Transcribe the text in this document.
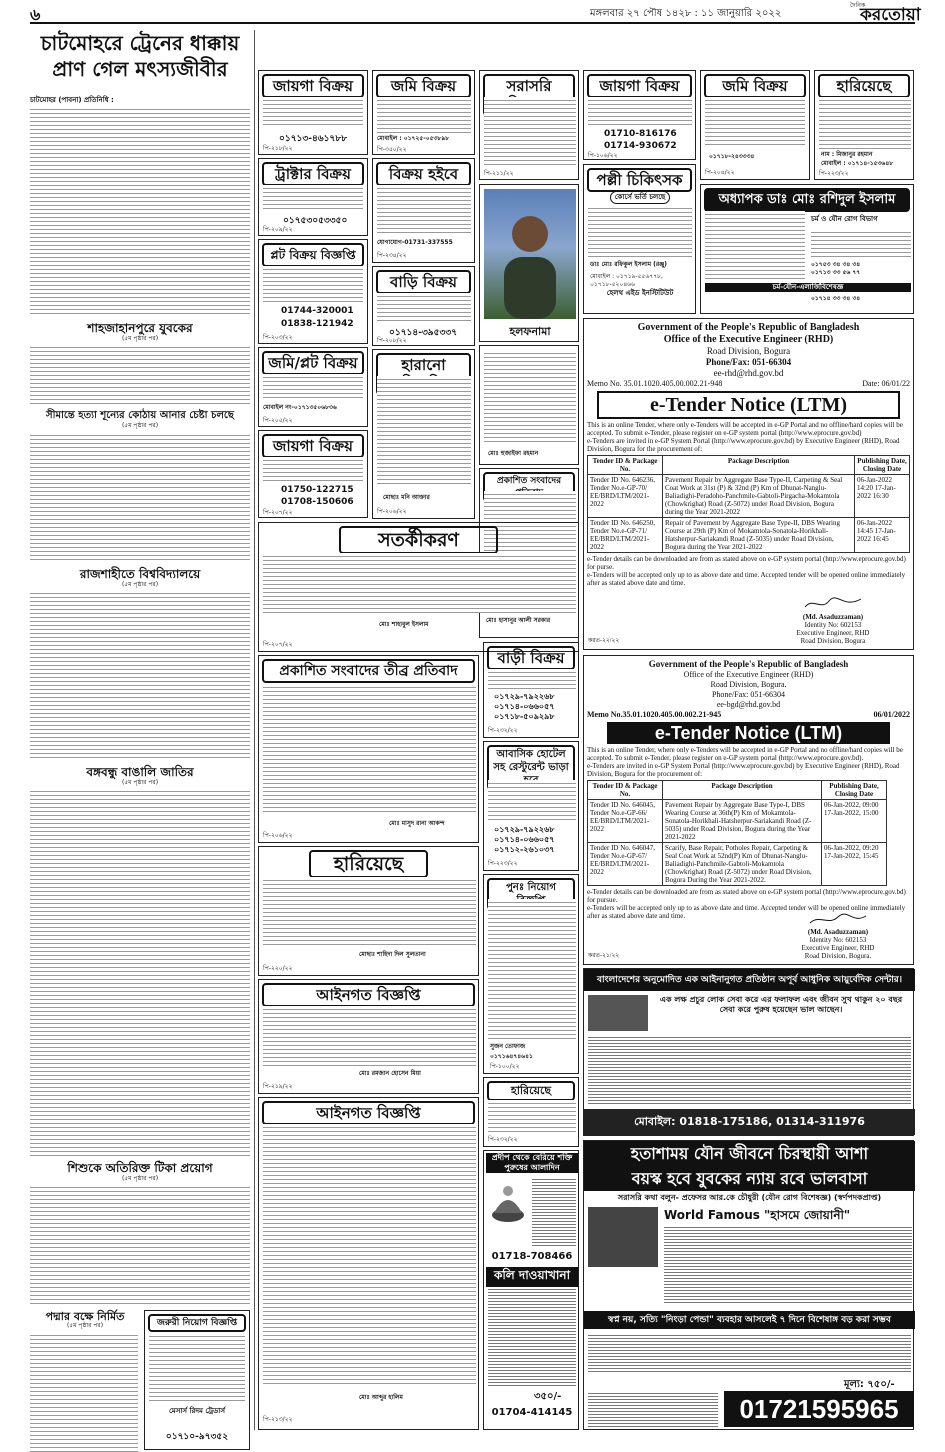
৬	মঙ্গলবার ২৭ পৌষ ১৪২৮ : ১১ জানুয়ারি ২০২২
দৈনিক
করতোয়া
চাটমোহরে ট্রেনের ধাক্কায় প্রাণ গেল মৎস্যজীবীর
চাটমোহর (পাবনা) প্রতিনিধি :
শাহজাহানপুরে যুবকের
(৫ম পৃষ্ঠার পর)
সীমান্তে হত্যা শূন্যের কোঠায় আনার চেষ্টা চলছে
(৫ম পৃষ্ঠার পর)
রাজশাহীতে বিশ্ববিদ্যালয়ে
(৫ম পৃষ্ঠার পর)
বঙ্গবন্ধু বাঙালি জাতির
(৫ম পৃষ্ঠার পর)
শিশুকে অতিরিক্ত টিকা প্রয়োগ
(৫ম পৃষ্ঠার পর)
পদ্মার বক্ষে নির্মিত
(৫ম পৃষ্ঠার পর)	জরুরী নিয়োগ বিজ্ঞপ্তি
মেসার্স রিদম ট্রেডার্স
০১৭১০-৯৭৩৫২
জায়গা বিক্রয়
০১৭১৩-৪৬১৭৮৮
পি-২১৮/২২
ট্রাক্টার বিক্রয়
০১৭৫৩০৫৩৩৫০
পি-২০৯/২২
প্লট বিক্রয় বিজ্ঞপ্তি
01744-320001
01838-121942
পি-২০৩/২২
জমি/প্লট বিক্রয়
মোবাইল নং-০১৭১৩৫০৬৮৩৬
পি-২০৫/২২
জায়গা বিক্রয়
01750-122715
01708-150606
পি-২০৭/২২
জমি বিক্রয়
মোবাইল : ০১৭২৫-০৫৩৮৯৮
পি-৩৫০/২২
বিক্রয় হইবে
যোগাযোগ-01731-337555
পি-২৩৪/২২
বাড়ি বিক্রয়
০১৭১৪-৩৯৫৩৩৭
পি-২০৮/২২
হারানো
মোছাঃ মনি আক্তার
পি-২০৬/২২
সরাসরি
পি-২১১/২২
হলফনামা
মোঃ হুজাইফা রহমান
প্রকাশিত সংবাদের
মোঃ হাসানুর আলী সরকার
জায়গা বিক্রয়
01710-816176
01714-930672
পি-১০৬/২২
জমি বিক্রয়
০১৭১৮-২৪৩৩৩৪
পি-২০৪/২২
হারিয়েছে
নাম : মিজানুর রহমান
মোবাইল : ০১৭১৪-১৫৩৬৪৮
পি-২২৩/২২
পল্লী চিকিৎসক
কোর্সে ভর্তি চলছে
ডাঃ মোঃ রফিকুল ইসলাম (রঞ্জু)
মোবাইল : ০১৭১৯-৫৫৬৭৭৮, ০১৭১৮-৫২০৪৬৬
হেলথ এইড ইনস্টিটিউট
অধ্যাপক ডাঃ মোঃ রশিদুল ইসলাম
চর্ম ও যৌন রোগ বিভাগ
চর্ম-যৌন-এলার্জিবিশেষজ্ঞ
০১৭৫৩ ৩৪ ৩৪ ৩৪
০১৭১৩ ৩৩ ৫৬ ৭৭
০১৭১৪ ৩৩ ৩৪ ৩৪
Government of the People's Republic of Bangladesh
Office of the Executive Engineer (RHD)
Road Division, Bogura
Phone/Fax: 051-66304
ee-rhd@rhd.gov.bd
Memo No. 35.01.1020.405.00.002.21-948	Date: 06/01/22
e-Tender Notice (LTM)
This is an online Tender, where only e-Tenders will be accepted in e-GP Portal and no offline/hard copies will be accepted. To submit e-Tender, please register on e-GP system portal (http://www.eprocure.gov.bd)
e-Tenders are invited in e-GP System Portal (http://www.eprocure.gov.bd) by Executive Engineer (RHD), Road Division, Bogura for the procurement of:
Tender ID & Package No.	Package Description	Publishing Date, Closing Date
Tender ID No. 646236, Tender No.e-GP-70/ EE/BRD/LTM/2021-2022	Pavement Repair by Aggregate Base Type-II, Carpeting & Seal Coat Work at 31st (P) & 32nd (P) Km of Dhunat-Nanglu-Baliadighi-Peradoho-Panchmile-Gabtoli-Pirgacha-Mokamtola (Chowkrighat) Road (Z-5072) under Road Division, Bogura during the Year 2021-2022	06-Jan-2022 14:20 17-Jan-2022 16:30
Tender ID No. 646250, Tender No.e-GP-71/ EE/BRD/LTM/2021-2022	Repair of Pavement by Aggregate Base Type-II, DBS Wearing Course at 29th (P) Km of Mokamtola-Sonatola-Horikhali-Hatsherpur-Sariakandi Road (Z-5035) under Road Division, Bogura during the Year 2021-2022	06-Jan-2022 14:45 17-Jan-2022 16:45
e-Tender details can be downloaded are from as stated above on e-GP system portal (http://www.eprocure.gov.bd) for purse.
e-Tenders will be accepted only up to as above date and time. Accepted tender will be opened online immediately after as stated above date and time.
(Md. Asaduzzaman)
Identity No: 602153
Executive Engineer, RHD
Road Division, Bogura
করত-২২/২২
Government of the People's Republic of Bangladesh
Office of the Executive Engineer (RHD)
Road Division, Bogura.
Phone/Fax: 051-66304
ee-bgd@rhd.gov.bd
Memo No.35.01.1020.405.00.002.21-945	06/01/2022
e-Tender Notice (LTM)
This is an online Tender, where only e-Tenders will be accepted in e-GP Portal and no offline/hard copies will be accepted. To submit e-Tender, please register on e-GP system portal (http://www.eprocure.gov.bd).
e-Tenders are invited in e-GP System Portal (http://www.eprocure.gov.bd) by Executive Engineer (RHD), Road Division, Bogura for the procurement of:
Tender ID & Package No.	Package Description	Publishing Date, Closing Date
Tender ID No. 646045, Tender No.e-GP-66/ EE/BRD/LTM/2021-2022	Pavement Repair by Aggregate Base Type-I, DBS Wearing Course at 36th(P) Km of Mokamtola-Sonatola-Horikhali-Hatsherpur-Sariakandi Road (Z-5035) under Road Division, Bogura during the Year 2021-2022	06-Jan-2022, 09:00 17-Jan-2022, 15:00
Tender ID No. 646047, Tender No.e-GP-67/ EE/BRD/LTM/2021-2022	Scarify, Base Repair, Potholes Repair, Carpeting & Seal Coat Work at 52nd(P) Km of Dhunat-Nanglu-Baliadighi-Panchmile-Gabtoli-Mokamtola (Chowkrighat) Road (Z-5072) under Road Division, Bogura During the Year 2021-2022.	06-Jan-2022, 09:20 17-Jan-2022, 15:45
e-Tender details can be downloaded are from as stated above on e-GP system portal (http://www.eprocure.gov.bd) for pursue.
e-Tenders will be accepted only up to as above date and time. Accepted tender will be opened online immediately after as stated above date and time.
(Md. Asaduzzaman)
Identity No: 602153
Executive Engineer, RHD
Road Division, Bogura.
করত-২১/২২
সতর্কীকরণ
মোঃ শাহাবুল ইসলাম
পি-২০৭/২২
প্রকাশিত সংবাদের তীব্র প্রতিবাদ
মোঃ মাসুদ রানা আকন্দ
পি-২০৬/২২
বাড়ী বিক্রয়
০১৭২৯-৭৯২২৬৮
০১৭১৪-০৬৬০৫৭
০১৭১৮-৫০৯২৯৮
পি-২৩২/২২
আবাসিক হোটেল সহ রেস্টুরেন্ট ভাড়া
০১৭২৯-৭৯২২৬৮
০১৭১৪-০৬৬০৫৭
০১৭১২-২৬১০৩৭
পি-২২৩/২২
হারিয়েছে
মোছাঃ শাহিদা দিল সুলতানা
পি-২২০/২২
পুনঃ নিয়োগ
সুজন তোফাজ
০১৭১৬৪৭৪৬৪১
পি-১০০/২২
আইনগত বিজ্ঞপ্তি
মোঃ রমজান হোসেন মিয়া
পি-২১৯/২২	হারিয়েছে
পি-২৩২/২২
আইনগত বিজ্ঞপ্তি
মোঃ আব্দুর হালিম
পি-২১৩/২২
প্রদীপ থেকে বেরিয়ে শক্তি পুরুষের আলাদিন
01718-708466
কলি দাওয়াখানা
৩৫০/-
01704-414145
বাংলাদেশের অনুমোদিত এক আইনানুগত প্রতিষ্ঠান অপূর্ব আধুনিক আয়ুর্বেদিক সেন্টার।
এক লক্ষ প্রচুর লোক সেবা করে এর ফলাফল এবং জীবন সুখ থাকুন ২০ বছর সেবা করে পুরুষ হয়েছেন ভাল আছেন।
মোবাইল: 01818-175186, 01314-311976
হতাশাময় যৌন জীবনে চিরস্থায়ী আশা
বয়স্ক হবে যুবকের ন্যায় রবে ভালবাসা
সরাসরি কথা বলুন- প্রফেসর আর.কে চৌধুরী (যৌন রোগ বিশেষজ্ঞ) (স্বর্ণপদকপ্রাপ্ত)
World Famous "হাসমে জোয়ানী"
স্বপ্ন নয়, সত্যি "নিংড়া পেন্ডা" ব্যবহার আসলেই ৭ দিনে বিশেষাঙ্গ বড় করা সম্ভব
মূল্য: ৭৫০/-
01721595965
